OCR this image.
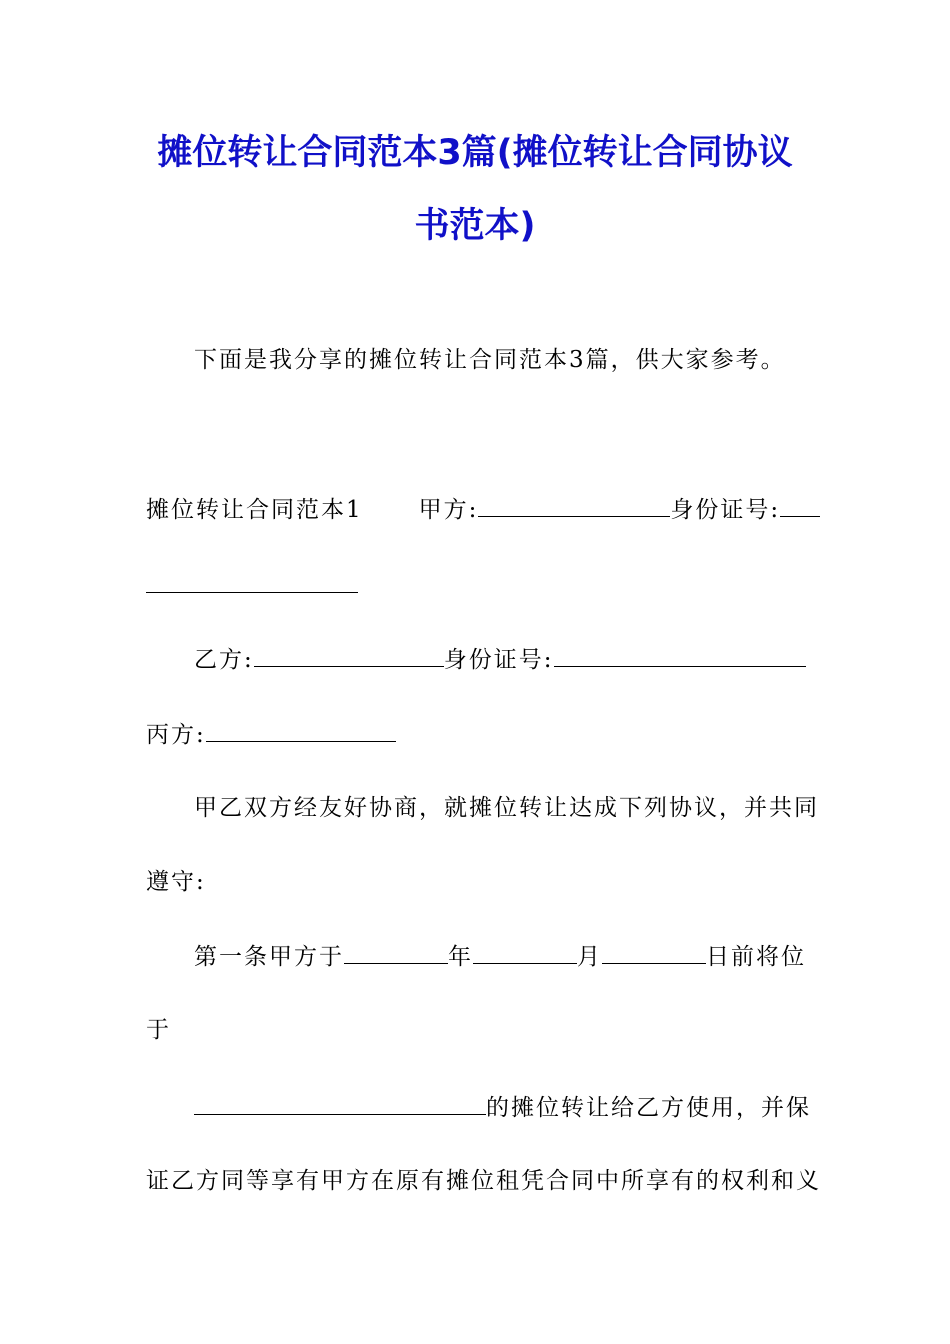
摊位转让合同范本3篇(摊位转让合同协议
书范本)
下面是我分享的摊位转让合同范本3篇，供大家参考。
摊位转让合同范本1 甲方:	身份证号:
乙方:	身份证号:
丙方:
甲乙双方经友好协商，就摊位转让达成下列协议，并共同
遵守:
第一条甲方于	年	月	日前将位
于
的摊位转让给乙方使用，并保
证乙方同等享有甲方在原有摊位租凭合同中所享有的权利和义
